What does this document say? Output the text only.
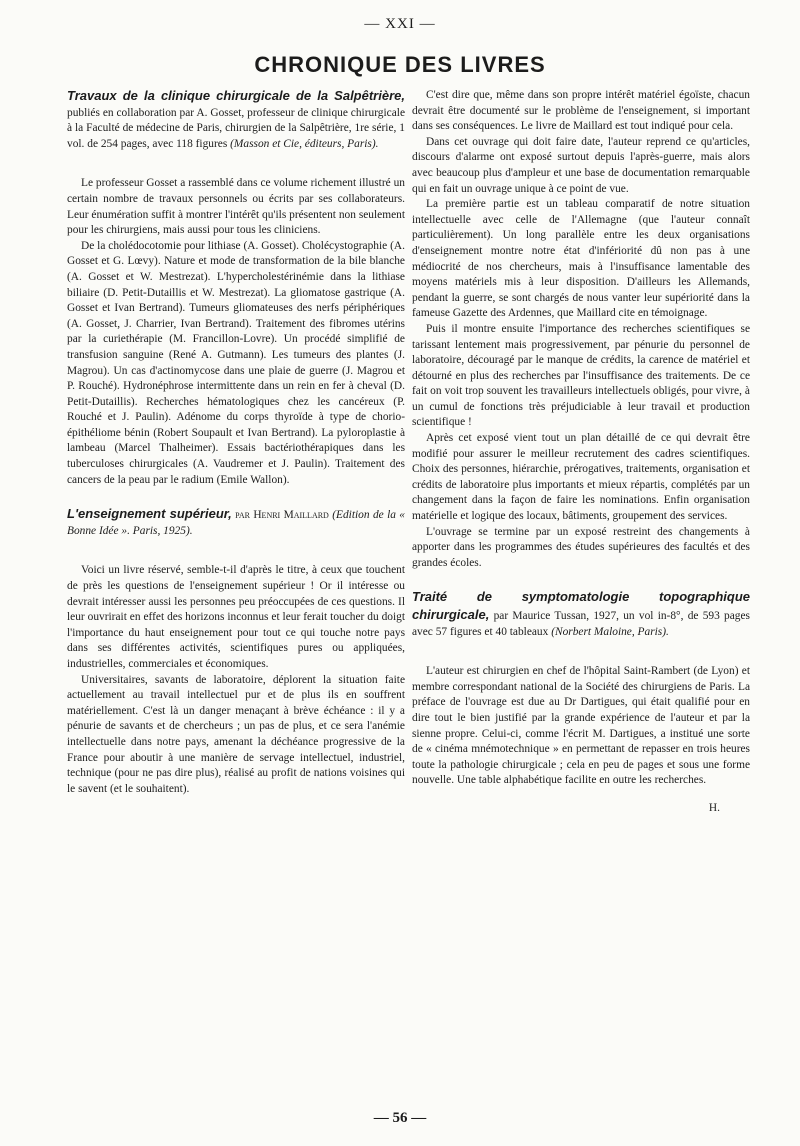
— XXI —
CHRONIQUE DES LIVRES
Travaux de la clinique chirurgicale de la Salpêtrière, publiés en collaboration par A. Gosset, professeur de clinique chirurgicale à la Faculté de médecine de Paris, chirurgien de la Salpêtrière, 1re série, 1 vol. de 254 pages, avec 118 figures (Masson et Cie, éditeurs, Paris).

Le professeur Gosset a rassemblé dans ce volume richement illustré un certain nombre de travaux personnels ou écrits par ses collaborateurs. Leur énumération suffit à montrer l'intérêt qu'ils présentent non seulement pour les chirurgiens, mais aussi pour tous les cliniciens.

De la cholédocotomie pour lithiase (A. Gosset). Cholécystographie (A. Gosset et G. Lœvy). Nature et mode de transformation de la bile blanche (A. Gosset et W. Mestrezat). L'hypercholestérinémie dans la lithiase biliaire (D. Petit-Dutaillis et W. Mestrezat). La gliomatose gastrique (A. Gosset et Ivan Bertrand). Tumeurs gliomateuses des nerfs périphériques (A. Gosset, J. Charrier, Ivan Bertrand). Traitement des fibromes utérins par la curiethérapie (M. Francillon-Lovre). Un procédé simplifié de transfusion sanguine (René A. Gutmann). Les tumeurs des plantes (J. Magrou). Un cas d'actinomycose dans une plaie de guerre (J. Magrou et P. Rouché). Hydronéphrose intermittente dans un rein en fer à cheval (D. Petit-Dutaillis). Recherches hématologiques chez les cancéreux (P. Rouché et J. Paulin). Adénome du corps thyroïde à type de chorio-épithéliome bénin (Robert Soupault et Ivan Bertrand). La pyloroplastie à lambeau (Marcel Thalheimer). Essais bactériothérapiques dans les tuberculoses chirurgicales (A. Vaudremer et J. Paulin). Traitement des cancers de la peau par le radium (Emile Wallon).

L'enseignement supérieur, par Henri Maillard (Edition de la « Bonne Idée ». Paris, 1925).

Voici un livre réservé, semble-t-il d'après le titre, à ceux que touchent de près les questions de l'enseignement supérieur ! Or il intéresse ou devrait intéresser aussi les personnes peu préoccupées de ces questions. Il leur ouvrirait en effet des horizons inconnus et leur ferait toucher du doigt l'importance du haut enseignement pour tout ce qui touche notre pays dans ses différentes activités, scientifiques pures ou appliquées, industrielles, commerciales et économiques.

Universitaires, savants de laboratoire, déplorent la situation faite actuellement au travail intellectuel pur et de plus ils en souffrent matériellement. C'est là un danger menaçant à brève échéance : il y a pénurie de savants et de chercheurs ; un pas de plus, et ce sera l'anémie intellectuelle dans notre pays, amenant la déchéance progressive de la France pour aboutir à une manière de servage intellectuel, industriel, technique (pour ne pas dire plus), réalisé au profit de nations voisines qui le savent (et le souhaitent).

C'est dire que, même dans son propre intérêt matériel égoïste, chacun devrait être documenté sur le problème de l'enseignement, si important dans ses conséquences. Le livre de Maillard est tout indiqué pour cela.

Dans cet ouvrage qui doit faire date, l'auteur reprend ce qu'articles, discours d'alarme ont exposé surtout depuis l'après-guerre, mais alors avec beaucoup plus d'ampleur et une base de documentation remarquable qui en fait un ouvrage unique à ce point de vue.

La première partie est un tableau comparatif de notre situation intellectuelle avec celle de l'Allemagne (que l'auteur connaît particulièrement). Un long parallèle entre les deux organisations d'enseignement montre notre état d'infériorité dû non pas à une médiocrité de nos chercheurs, mais à l'insuffisance lamentable des moyens matériels mis à leur disposition. D'ailleurs les Allemands, pendant la guerre, se sont chargés de nous vanter leur supériorité dans la fameuse Gazette des Ardennes, que Maillard cite en témoignage.

Puis il montre ensuite l'importance des recherches scientifiques se tarissant lentement mais progressivement, par pénurie du personnel de laboratoire, découragé par le manque de crédits, la carence de matériel et détourné en plus des recherches par l'insuffisance des traitements. De ce fait on voit trop souvent les travailleurs intellectuels obligés, pour vivre, à un cumul de fonctions très préjudiciable à leur travail et production scientifique !

Après cet exposé vient tout un plan détaillé de ce qui devrait être modifié pour assurer le meilleur recrutement des cadres scientifiques. Choix des personnes, hiérarchie, prérogatives, traitements, organisation et crédits de laboratoire plus importants et mieux répartis, complétés par un changement dans la façon de faire les nominations. Enfin organisation matérielle et logique des locaux, bâtiments, groupement des services.

L'ouvrage se termine par un exposé restreint des changements à apporter dans les programmes des études supérieures des facultés et des grandes écoles.

Traité de symptomatologie topographique chirurgicale, par Maurice Tussan, 1927, un vol in-8°, de 593 pages avec 57 figures et 40 tableaux (Norbert Maloine, Paris).

L'auteur est chirurgien en chef de l'hôpital Saint-Rambert (de Lyon) et membre correspondant national de la Société des chirurgiens de Paris. La préface de l'ouvrage est due au Dr Dartigues, qui était qualifié pour en dire tout le bien justifié par la grande expérience de l'auteur et par la sienne propre. Celui-ci, comme l'écrit M. Dartigues, a institué une sorte de « cinéma mnémotechnique » en permettant de repasser en trois heures toute la pathologie chirurgicale ; cela en peu de pages et sous une forme nouvelle. Une table alphabétique facilite en outre les recherches.

H.
— 56 —
